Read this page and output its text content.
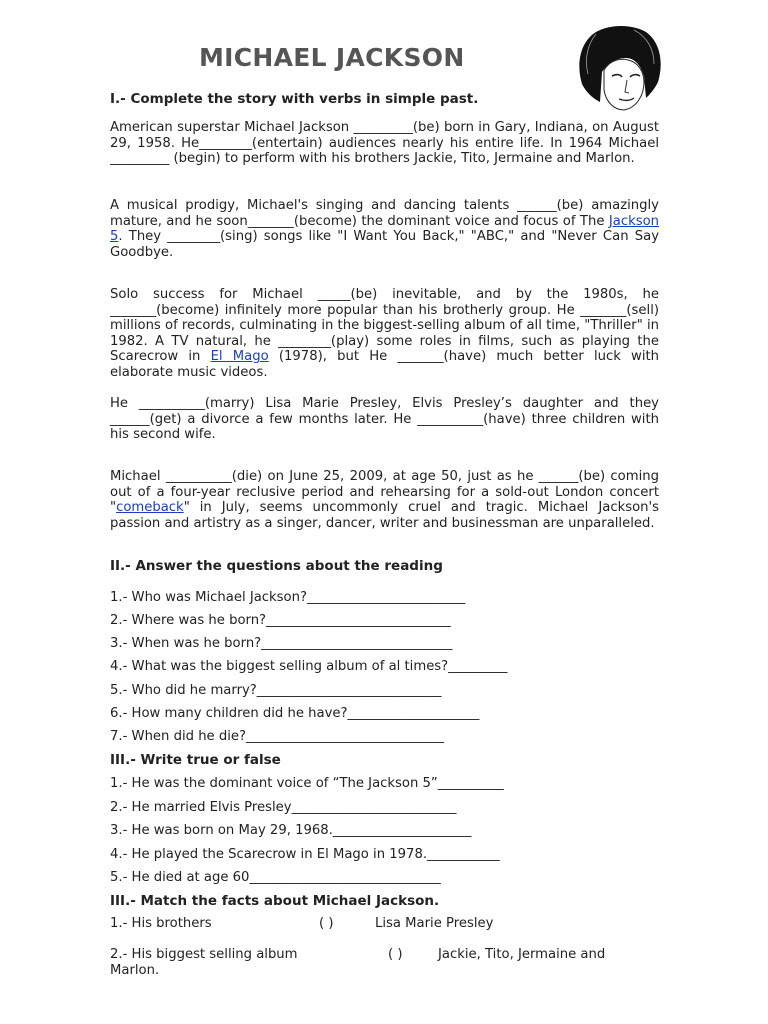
MICHAEL JACKSON
I.- Complete the story with verbs in simple past.

American superstar Michael Jackson _________(be) born in Gary, Indiana, on August 29, 1958. He________(entertain) audiences nearly his entire life. In 1964 Michael _________ (begin) to perform with his brothers Jackie, Tito, Jermaine and Marlon.

A musical prodigy, Michael's singing and dancing talents ______(be) amazingly mature, and he soon_______(become) the dominant voice and focus of The Jackson 5. They ________(sing) songs like "I Want You Back," "ABC," and "Never Can Say Goodbye.

Solo success for Michael _____(be) inevitable, and by the 1980s, he _______(become) infinitely more popular than his brotherly group. He _______(sell) millions of records, culminating in the biggest-selling album of all time, "Thriller" in 1982. A TV natural, he ________(play) some roles in films, such as playing the Scarecrow in El Mago (1978), but He _______(have) much better luck with elaborate music videos.

He __________(marry) Lisa Marie Presley, Elvis Presley’s daughter and they ______(get) a divorce a few months later. He __________(have) three children with his second wife.

Michael __________(die) on June 25, 2009, at age 50, just as he ______(be) coming out of a four-year reclusive period and rehearsing for a sold-out London concert "comeback" in July, seems uncommonly cruel and tragic. Michael Jackson's passion and artistry as a singer, dancer, writer and businessman are unparalleled.

II.- Answer the questions about the reading

1.- Who was Michael Jackson?________________________

2.- Where was he born?____________________________

3.- When was he born?_____________________________

4.- What was the biggest selling album of al times?_________

5.- Who did he marry?____________________________

6.- How many children did he have?____________________

7.- When did he die?______________________________

III.- Write true or false

1.- He was the dominant voice of “The Jackson 5”__________

2.- He married Elvis Presley_________________________

3.- He was born on May 29, 1968._____________________

4.- He played the Scarecrow in El Mago in 1978.___________

5.- He died at age 60_____________________________

III.- Match the facts about Michael Jackson.

1.- His brothers	( )	Lisa Marie Presley

2.- His biggest selling album	( )	Jackie, Tito, Jermaine and Marlon.
